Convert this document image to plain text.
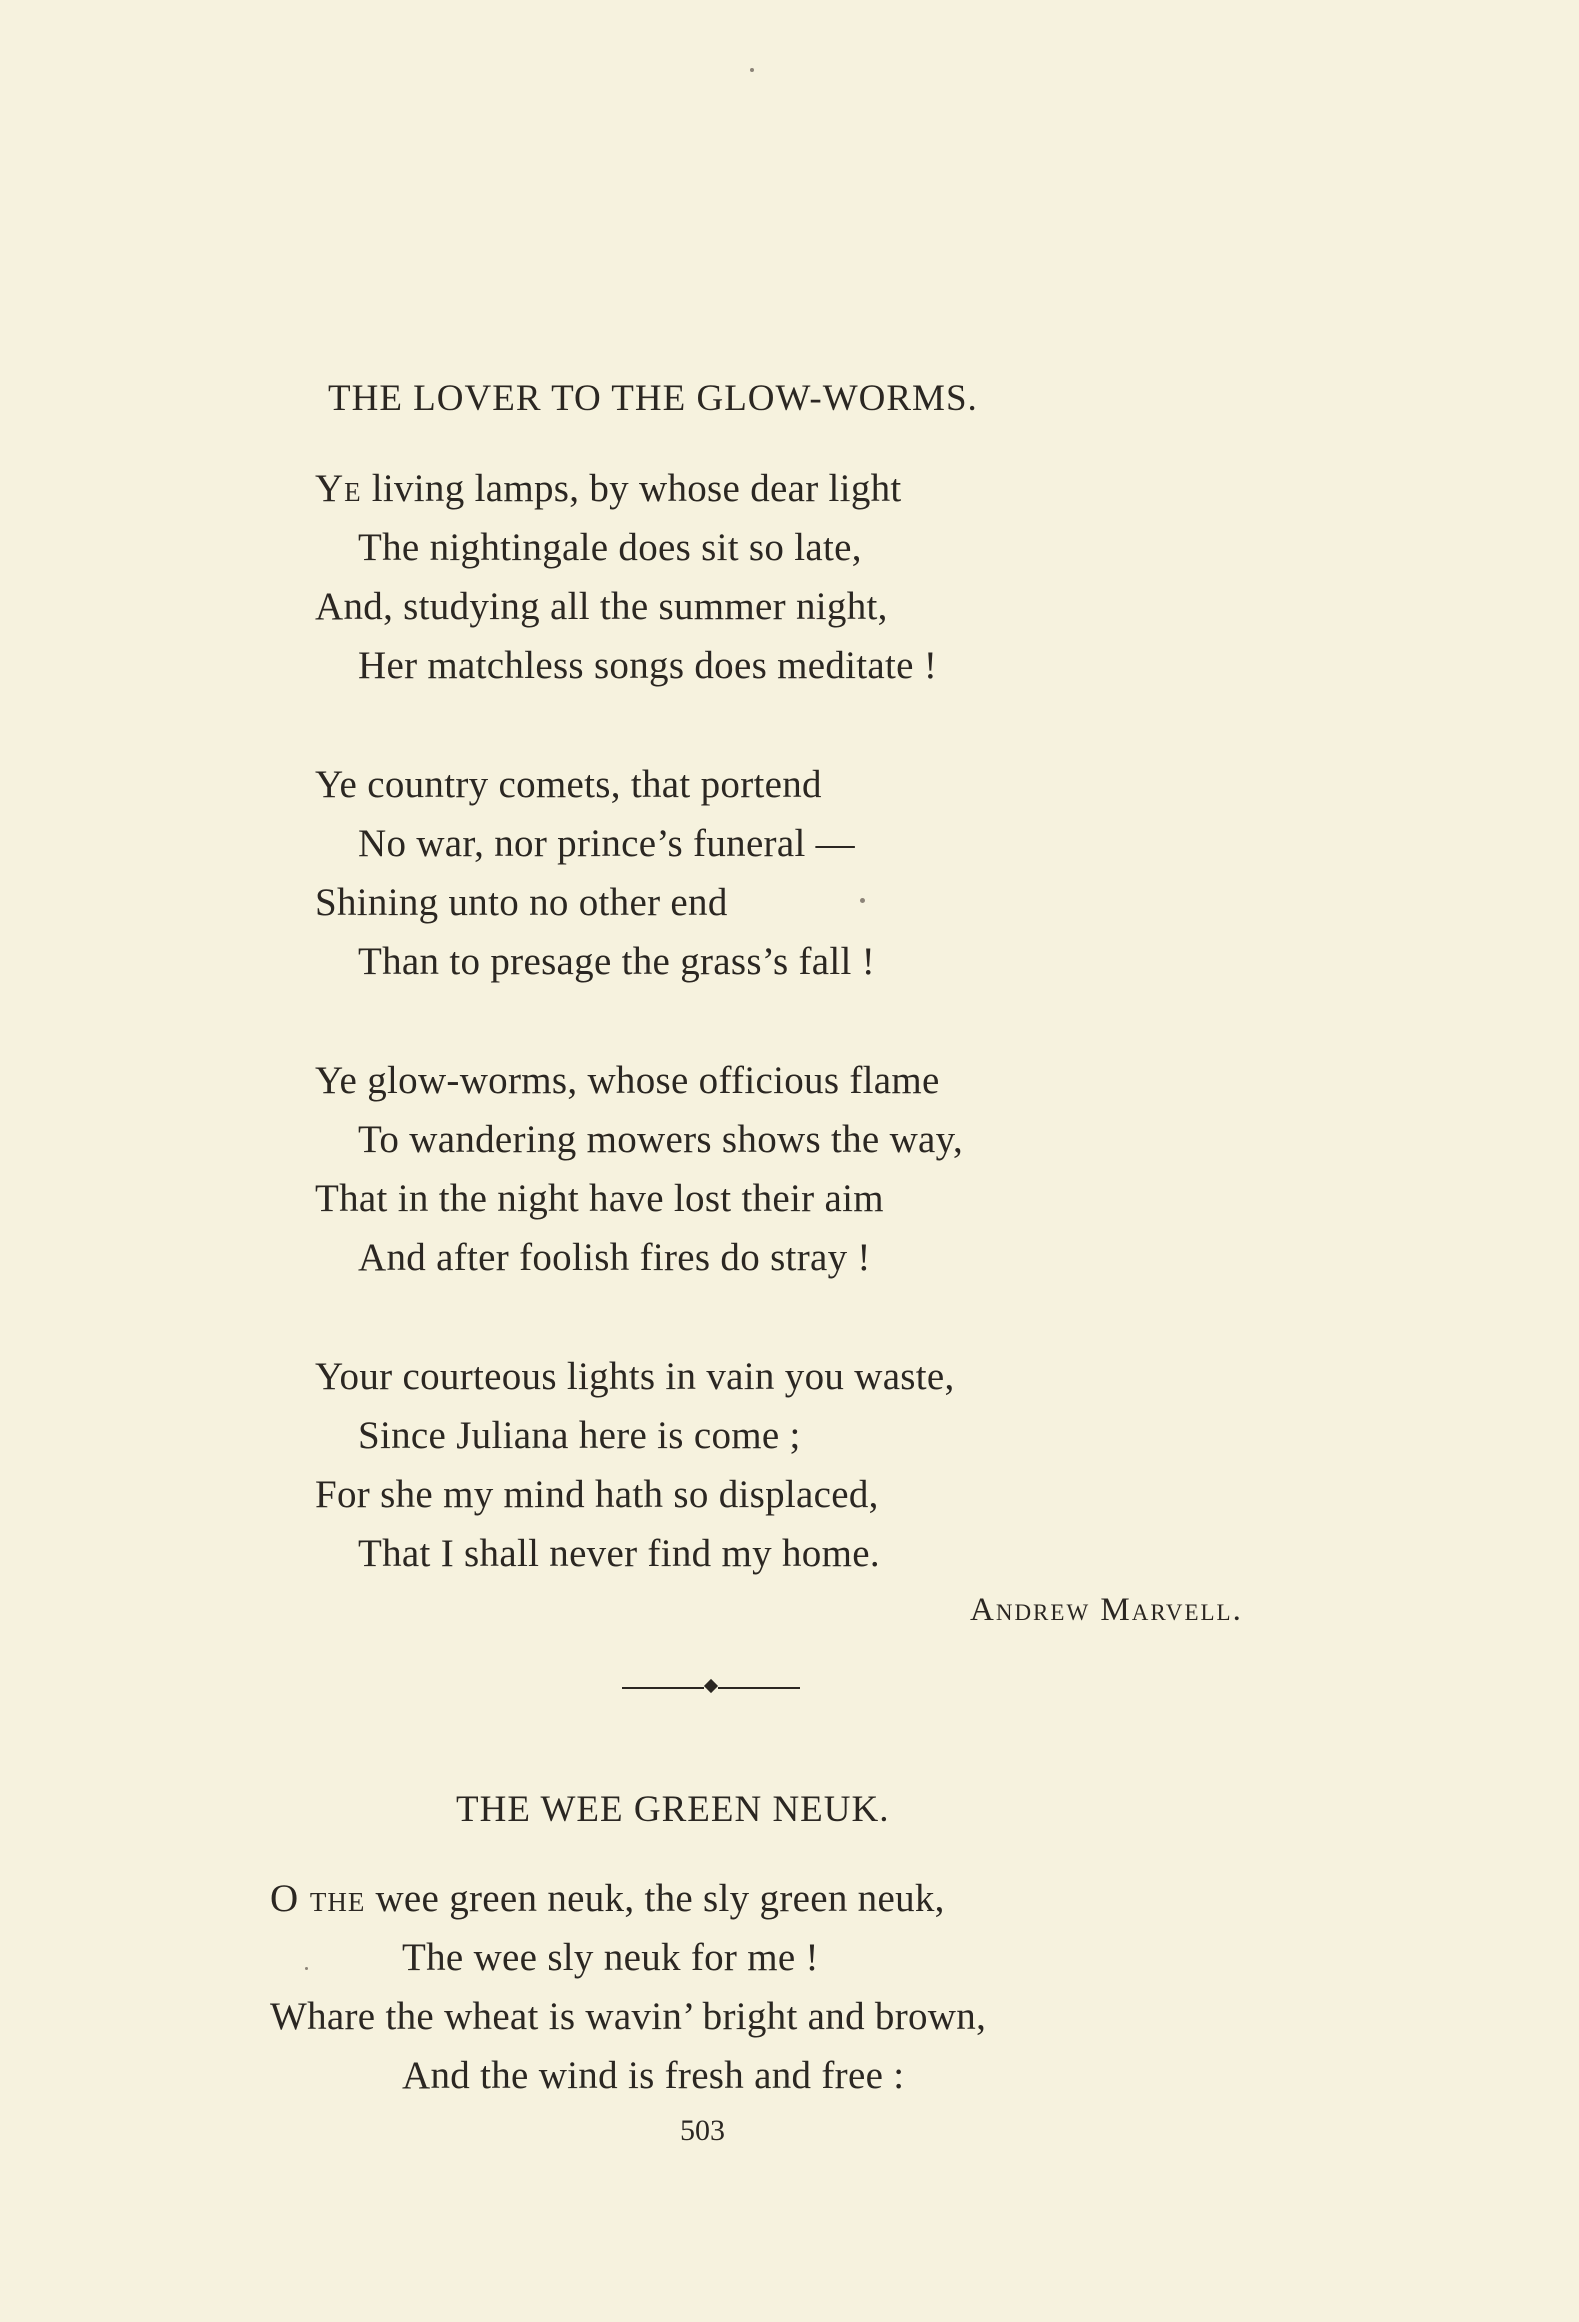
THE LOVER TO THE GLOW-WORMS.
Ye living lamps, by whose dear light
The nightingale does sit so late,
And, studying all the summer night,
Her matchless songs does meditate !
Ye country comets, that portend
No war, nor prince’s funeral —
Shining unto no other end
Than to presage the grass’s fall !
Ye glow-worms, whose officious flame
To wandering mowers shows the way,
That in the night have lost their aim
And after foolish fires do stray !
Your courteous lights in vain you waste,
Since Juliana here is come ;
For she my mind hath so displaced,
That I shall never find my home.
Andrew Marvell.
THE WEE GREEN NEUK.
O the wee green neuk, the sly green neuk,
The wee sly neuk for me !
Whare the wheat is wavin’ bright and brown,
And the wind is fresh and free :
503
